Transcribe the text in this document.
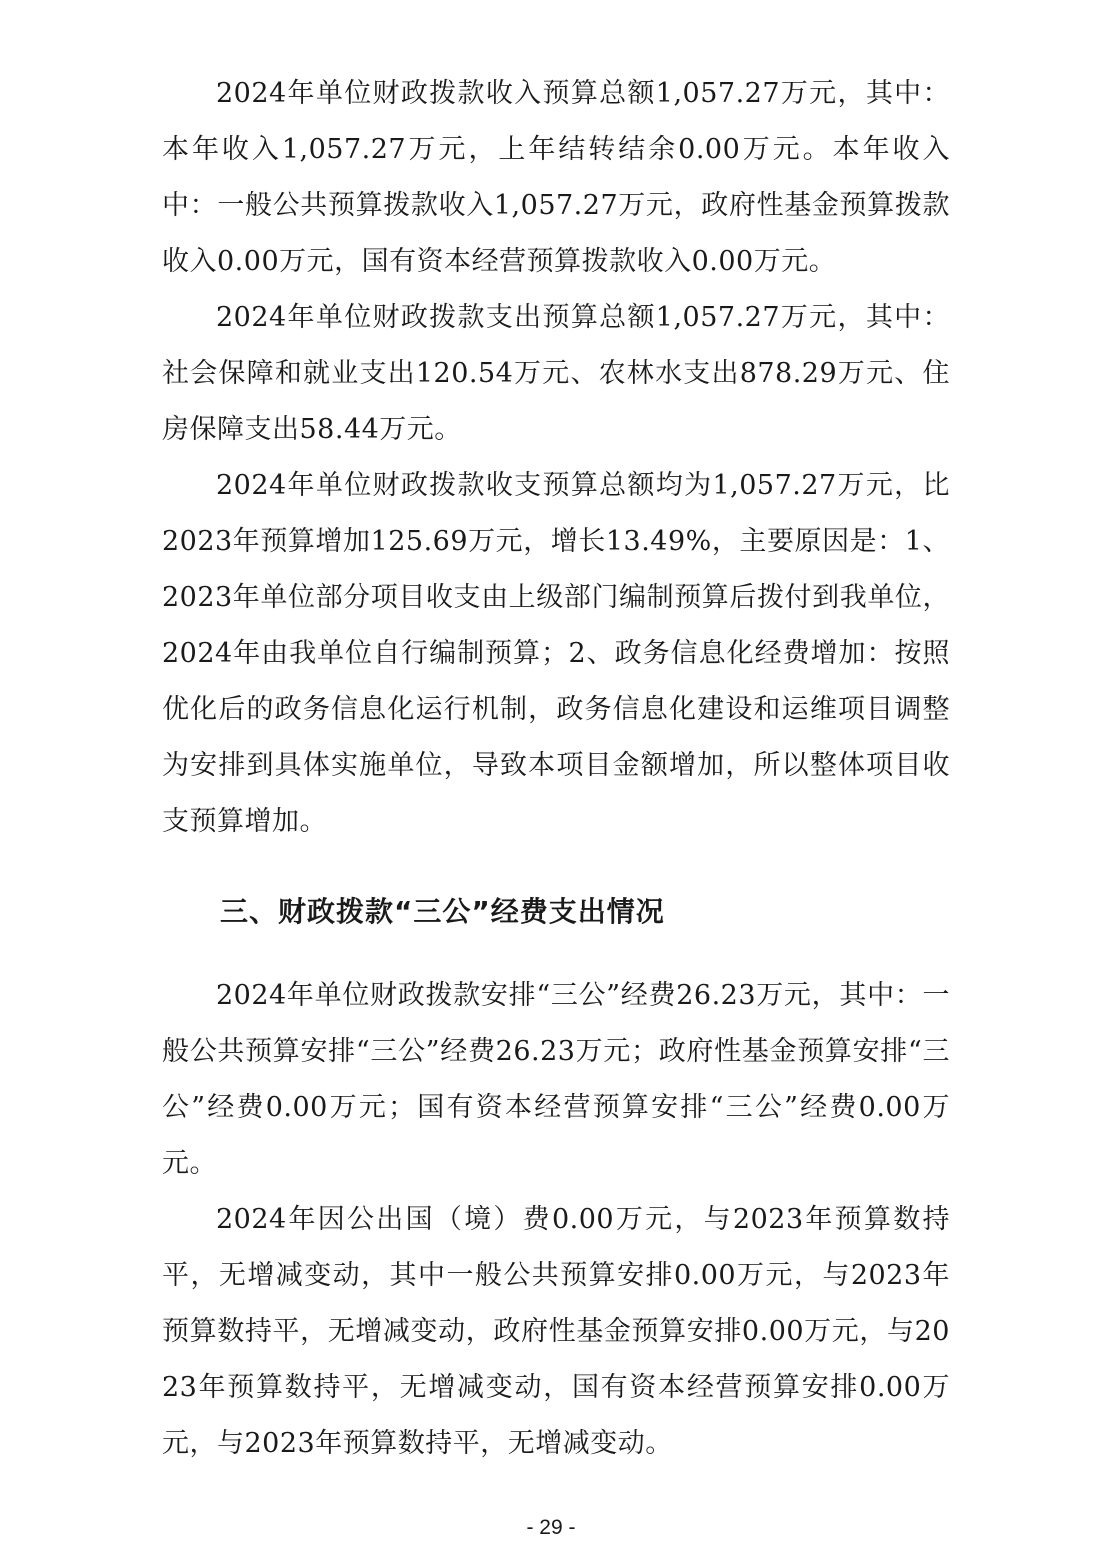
2024年单位财政拨款收入预算总额1,057.27万元，其中：本年收入1,057.27万元，上年结转结余0.00万元。本年收入中：一般公共预算拨款收入1,057.27万元，政府性基金预算拨款收入0.00万元，国有资本经营预算拨款收入0.00万元。

2024年单位财政拨款支出预算总额1,057.27万元，其中：社会保障和就业支出120.54万元、农林水支出878.29万元、住房保障支出58.44万元。

2024年单位财政拨款收支预算总额均为1,057.27万元，比2023年预算增加125.69万元，增长13.49%，主要原因是：1、2023年单位部分项目收支由上级部门编制预算后拨付到我单位，2024年由我单位自行编制预算；2、政务信息化经费增加：按照优化后的政务信息化运行机制，政务信息化建设和运维项目调整为安排到具体实施单位，导致本项目金额增加，所以整体项目收支预算增加。

三、财政拨款“三公”经费支出情况

2024年单位财政拨款安排“三公”经费26.23万元，其中：一般公共预算安排“三公”经费26.23万元；政府性基金预算安排“三公”经费0.00万元；国有资本经营预算安排“三公”经费0.00万元。

2024年因公出国（境）费0.00万元，与2023年预算数持平，无增减变动，其中一般公共预算安排0.00万元，与2023年预算数持平，无增减变动，政府性基金预算安排0.00万元，与2023年预算数持平，无增减变动，国有资本经营预算安排0.00万元，与2023年预算数持平，无增减变动。

- 29 -
